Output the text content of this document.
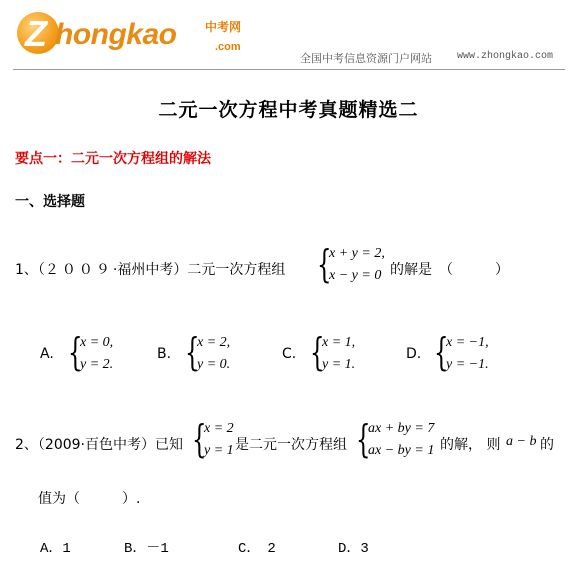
Z hongkao 中考网
.com
全国中考信息资源门户网站	www.zhongkao.com
二元一次方程中考真题精选二
要点一：二元一次方程组的解法
一、选择题
1、（２００９·福州中考）二元一次方程组 {
x + y = 2,
x − y = 0 的解是　（　　　）
A. {
x = 0,
y = 2.
B. {
x = 2,
y = 0.
C. {
x = 1,
y = 1.
D. {
x = −1,
y = −1.
2、（2009·百色中考）已知 {
x = 2
y = 1 是二元一次方程组 {
ax + by = 7
ax − by = 1 的解， 则 a − b 的
值为（　　　）.
A．1	B．－1	C．　2	D．3
